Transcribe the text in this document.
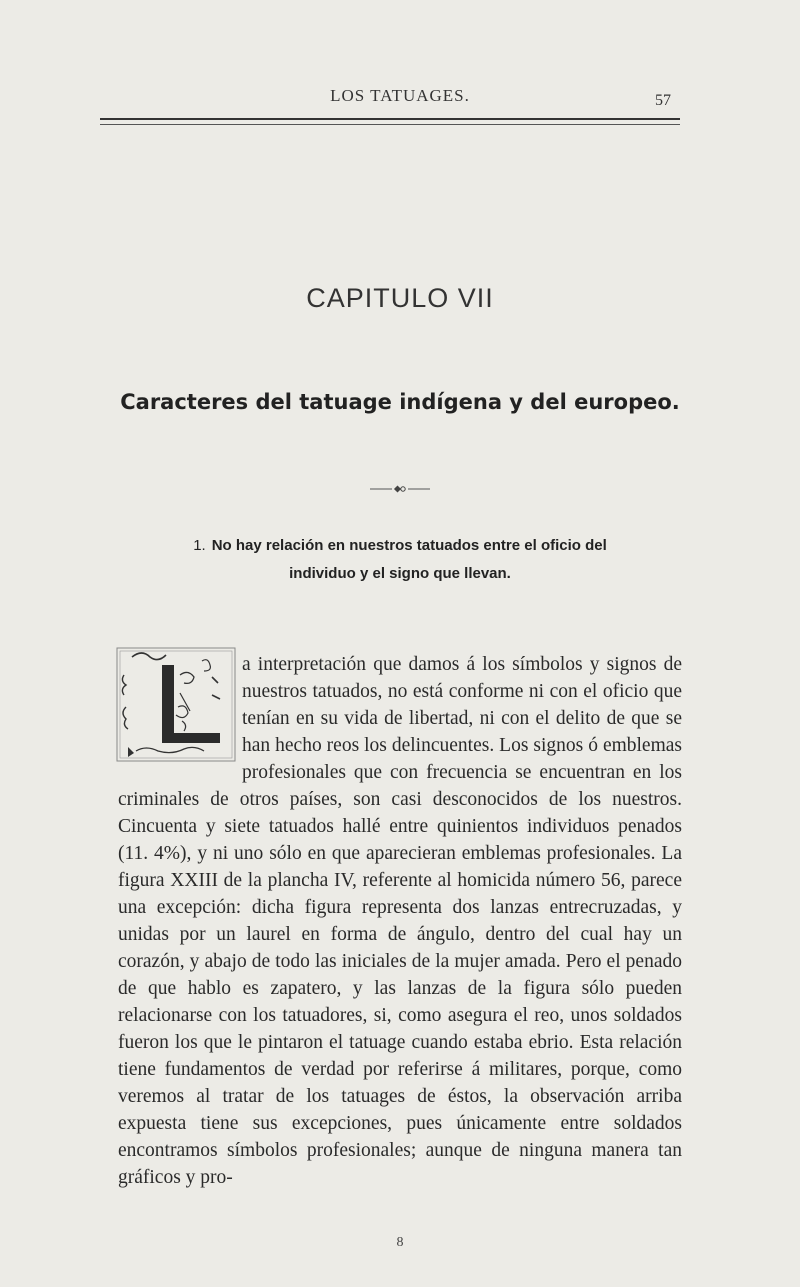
LOS TATUAGES.	57
CAPITULO VII
Caracteres del tatuage indígena y del europeo.
1. No hay relación en nuestros tatuados entre el oficio del individuo y el signo que llevan.
a interpretación que damos á los símbolos y signos de nuestros tatuados, no está conforme ni con el oficio que tenían en su vida de libertad, ni con el delito de que se han hecho reos los delincuentes. Los signos ó emblemas profesionales que con frecuencia se encuentran en los criminales de otros países, son casi desconocidos de los nuestros. Cincuenta y siete tatuados hallé entre quinientos individuos penados (11. 4%), y ni uno sólo en que aparecieran emblemas profesionales. La figura XXIII de la plancha IV, referente al homicida número 56, parece una excepción: dicha figura representa dos lanzas entrecruzadas, y unidas por un laurel en forma de ángulo, dentro del cual hay un corazón, y abajo de todo las iniciales de la mujer amada. Pero el penado de que hablo es zapatero, y las lanzas de la figura sólo pueden relacionarse con los tatuadores, si, como asegura el reo, unos soldados fueron los que le pintaron el tatuage cuando estaba ebrio. Esta relación tiene fundamentos de verdad por referirse á militares, porque, como veremos al tratar de los tatuages de éstos, la observación arriba expuesta tiene sus excepciones, pues únicamente entre soldados encontramos símbolos profesionales; aunque de ninguna manera tan gráficos y pro-
8
